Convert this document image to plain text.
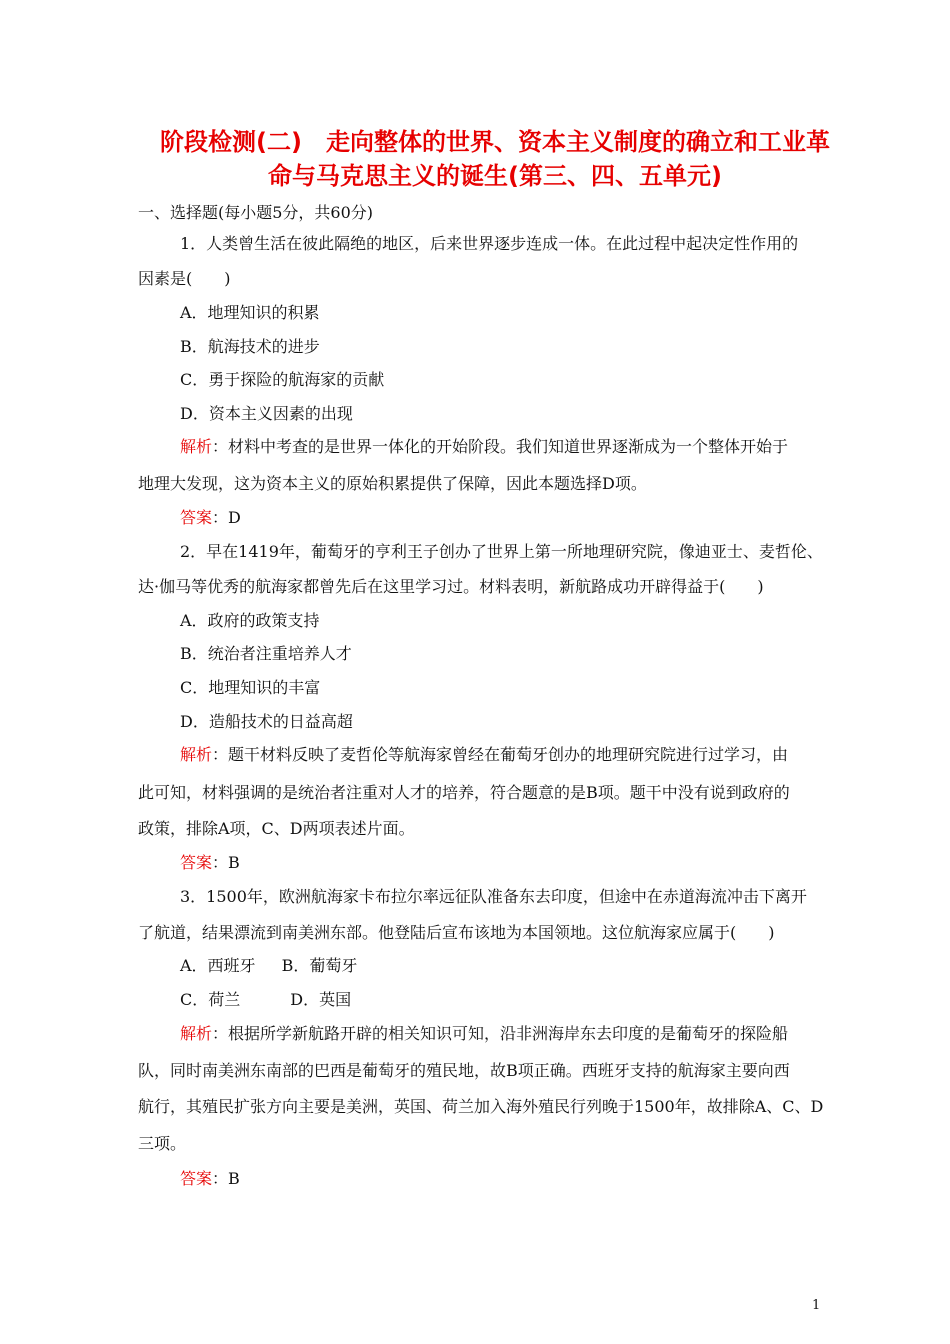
阶段检测(二)　走向整体的世界、资本主义制度的确立和工业革
命与马克思主义的诞生(第三、四、五单元)
一、选择题(每小题5分，共60分)
1．人类曾生活在彼此隔绝的地区，后来世界逐步连成一体。在此过程中起决定性作用的
因素是(　　)
A．地理知识的积累
B．航海技术的进步
C．勇于探险的航海家的贡献
D．资本主义因素的出现
解析：材料中考查的是世界一体化的开始阶段。我们知道世界逐渐成为一个整体开始于
地理大发现，这为资本主义的原始积累提供了保障，因此本题选择D项。
答案：D
2．早在1419年，葡萄牙的亨利王子创办了世界上第一所地理研究院，像迪亚士、麦哲伦、
达·伽马等优秀的航海家都曾先后在这里学习过。材料表明，新航路成功开辟得益于(　　)
A．政府的政策支持
B．统治者注重培养人才
C．地理知识的丰富
D．造船技术的日益高超
解析：题干材料反映了麦哲伦等航海家曾经在葡萄牙创办的地理研究院进行过学习，由
此可知，材料强调的是统治者注重对人才的培养，符合题意的是B项。题干中没有说到政府的
政策，排除A项，C、D两项表述片面。
答案：B
3．1500年，欧洲航海家卡布拉尔率远征队准备东去印度，但途中在赤道海流冲击下离开
了航道，结果漂流到南美洲东部。他登陆后宣布该地为本国领地。这位航海家应属于(　　)
A．西班牙 B．葡萄牙
C．荷兰	D．英国
解析：根据所学新航路开辟的相关知识可知，沿非洲海岸东去印度的是葡萄牙的探险船
队，同时南美洲东南部的巴西是葡萄牙的殖民地，故B项正确。西班牙支持的航海家主要向西
航行，其殖民扩张方向主要是美洲，英国、荷兰加入海外殖民行列晚于1500年，故排除A、C、D
三项。
答案：B
1
